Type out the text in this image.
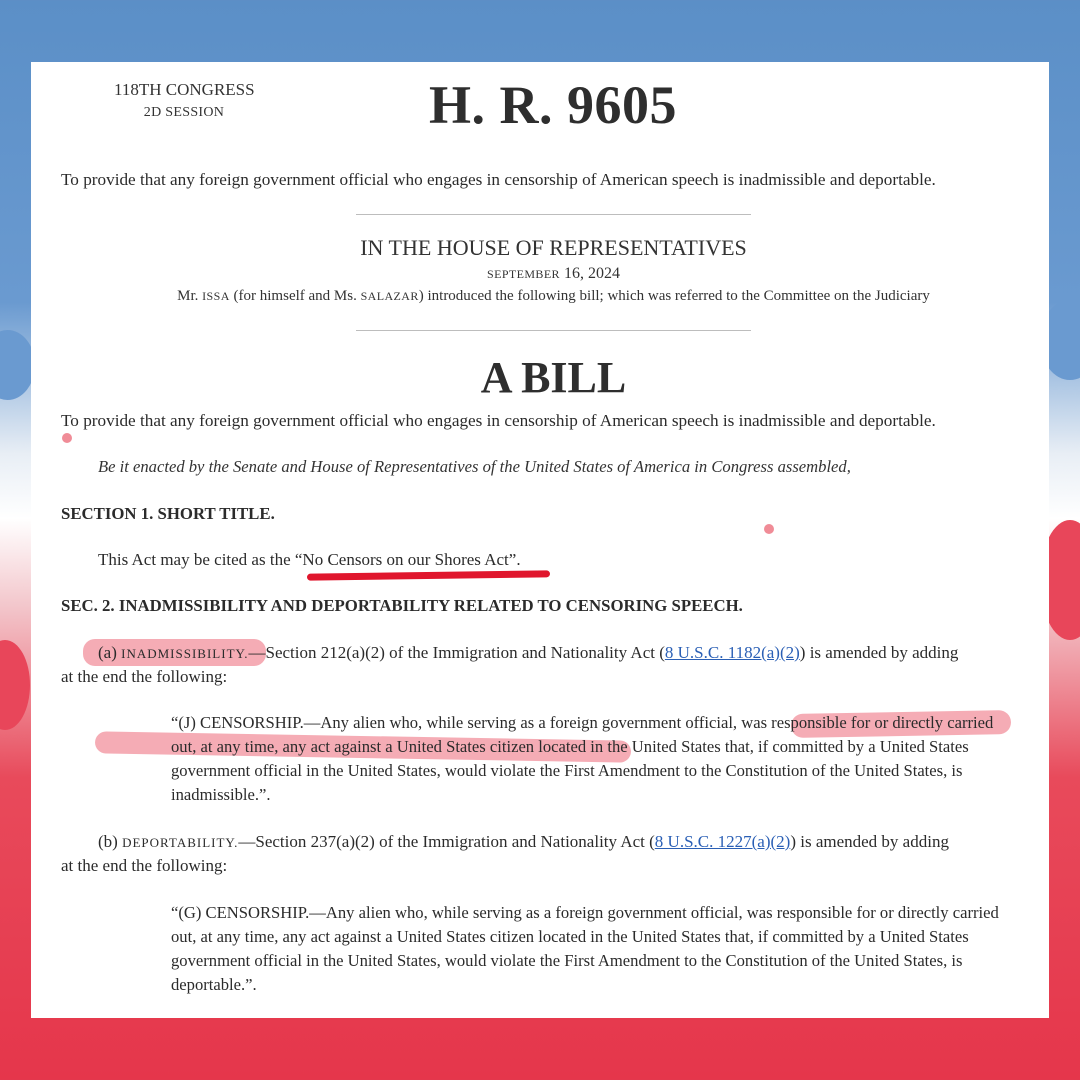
118TH CONGRESS
2D SESSION	H. R. 9605
To provide that any foreign government official who engages in censorship of American speech is inadmissible and deportable.
IN THE HOUSE OF REPRESENTATIVES
SEPTEMBER 16, 2024
Mr. ISSA (for himself and Ms. SALAZAR) introduced the following bill; which was referred to the Committee on the Judiciary
A BILL
To provide that any foreign government official who engages in censorship of American speech is inadmissible and deportable.
Be it enacted by the Senate and House of Representatives of the United States of America in Congress assembled,
SECTION 1. SHORT TITLE.
This Act may be cited as the “No Censors on our Shores Act”.
SEC. 2. INADMISSIBILITY AND DEPORTABILITY RELATED TO CENSORING SPEECH.
(a) INADMISSIBILITY.—Section 212(a)(2) of the Immigration and Nationality Act (8 U.S.C. 1182(a)(2)) is amended by adding
at the end the following:
“(J) CENSORSHIP.—Any alien who, while serving as a foreign government official, was responsible for or directly carried out, at any time, any act against a United States citizen located in the United States that, if committed by a United States government official in the United States, would violate the First Amendment to the Constitution of the United States, is inadmissible.”.
(b) DEPORTABILITY.—Section 237(a)(2) of the Immigration and Nationality Act (8 U.S.C. 1227(a)(2)) is amended by adding
at the end the following:
“(G) CENSORSHIP.—Any alien who, while serving as a foreign government official, was responsible for or directly carried out, at any time, any act against a United States citizen located in the United States that, if committed by a United States government official in the United States, would violate the First Amendment to the Constitution of the United States, is deportable.”.
